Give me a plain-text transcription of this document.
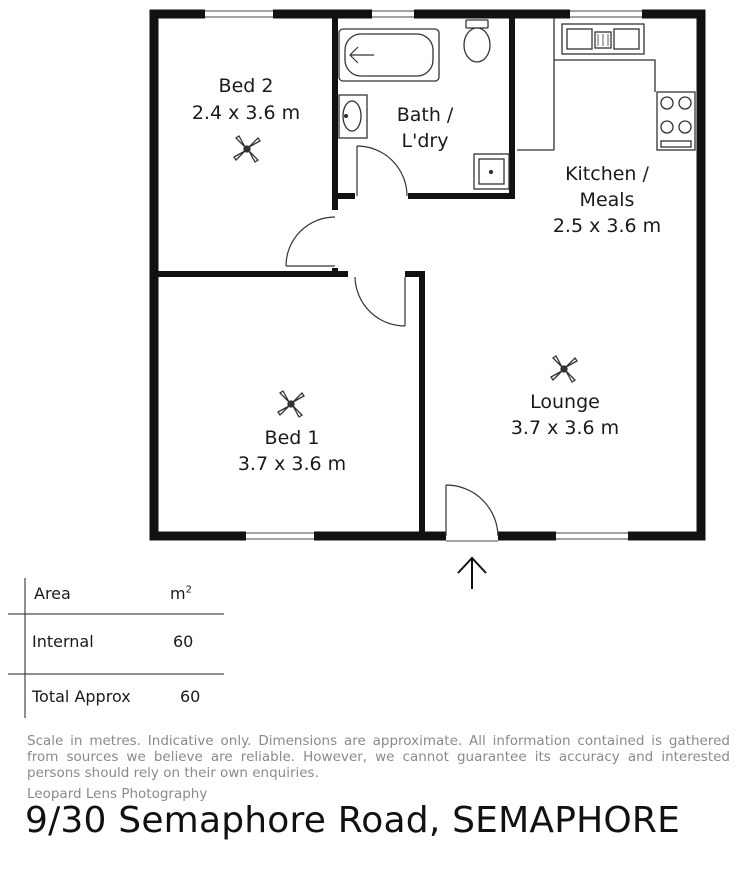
Bed 2
2.4 x 3.6 m	Bath /
L'dry
Kitchen /
Meals
2.5 x 3.6 m
Lounge
3.7 x 3.6 m
Bed 1
3.7 x 3.6 m
Area	$m^2$
Internal	60
Total Approx	60
Scale in metres. Indicative only. Dimensions are approximate. All information contained is gathered from sources we believe are reliable. However, we cannot guarantee its accuracy and interested persons should rely on their own enquiries.
Leopard Lens Photography
9/30 Semaphore Road, SEMAPHORE
